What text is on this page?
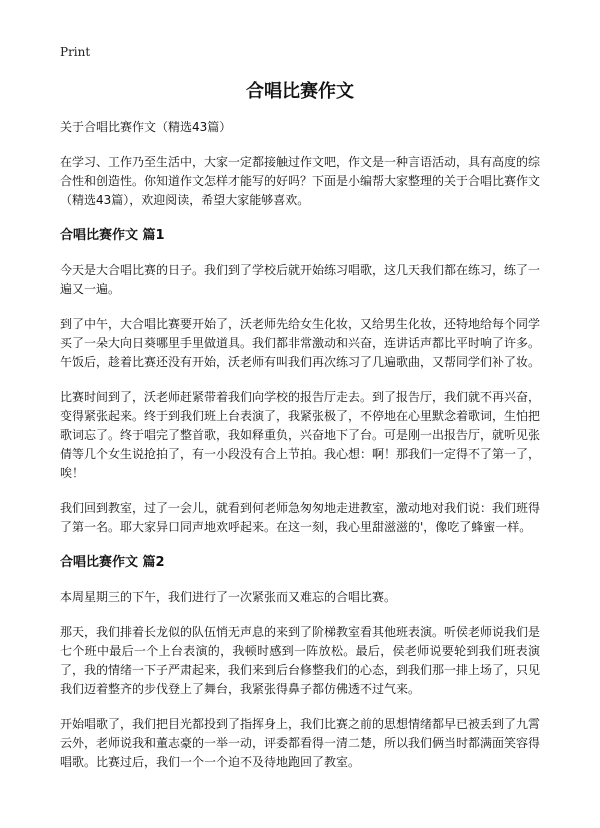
Print
合唱比赛作文
关于合唱比赛作文（精选43篇）

在学习、工作乃至生活中，大家一定都接触过作文吧，作文是一种言语活动，具有高度的综合性和创造性。你知道作文怎样才能写的好吗？下面是小编帮大家整理的关于合唱比赛作文（精选43篇），欢迎阅读，希望大家能够喜欢。

合唱比赛作文 篇1

今天是大合唱比赛的日子。我们到了学校后就开始练习唱歌，这几天我们都在练习，练了一遍又一遍。

到了中午，大合唱比赛要开始了，沃老师先给女生化妆，又给男生化妆，还特地给每个同学买了一朵大向日葵哪里手里做道具。我们都非常激动和兴奋，连讲话声都比平时响了许多。午饭后，趁着比赛还没有开始，沃老师有叫我们再次练习了几遍歌曲，又帮同学们补了妆。

比赛时间到了，沃老师赶紧带着我们向学校的报告厅走去。到了报告厅，我们就不再兴奋，变得紧张起来。终于到我们班上台表演了，我紧张极了，不停地在心里默念着歌词，生怕把歌词忘了。终于唱完了整首歌，我如释重负，兴奋地下了台。可是刚一出报告厅，就听见张倩等几个女生说抢拍了，有一小段没有合上节拍。我心想：啊！那我们一定得不了第一了，唉！

我们回到教室，过了一会儿，就看到何老师急匆匆地走进教室，激动地对我们说：我们班得了第一名。耶大家异口同声地欢呼起来。在这一刻，我心里甜滋滋的'，像吃了蜂蜜一样。

合唱比赛作文 篇2

本周星期三的下午，我们进行了一次紧张而又难忘的合唱比赛。

那天，我们排着长龙似的队伍悄无声息的来到了阶梯教室看其他班表演。听侯老师说我们是七个班中最后一个上台表演的，我顿时感到一阵放松。最后，侯老师说要轮到我们班表演了，我的情绪一下子严肃起来，我们来到后台修整我们的心态，到我们那一排上场了，只见我们迈着整齐的步伐登上了舞台，我紧张得鼻子都仿佛透不过气来。

开始唱歌了，我们把目光都投到了指挥身上，我们比赛之前的思想情绪都早已被丢到了九霄云外，老师说我和董志豪的一举一动，评委都看得一清二楚，所以我们俩当时都满面笑容得唱歌。比赛过后，我们一个一个迫不及待地跑回了教室。
